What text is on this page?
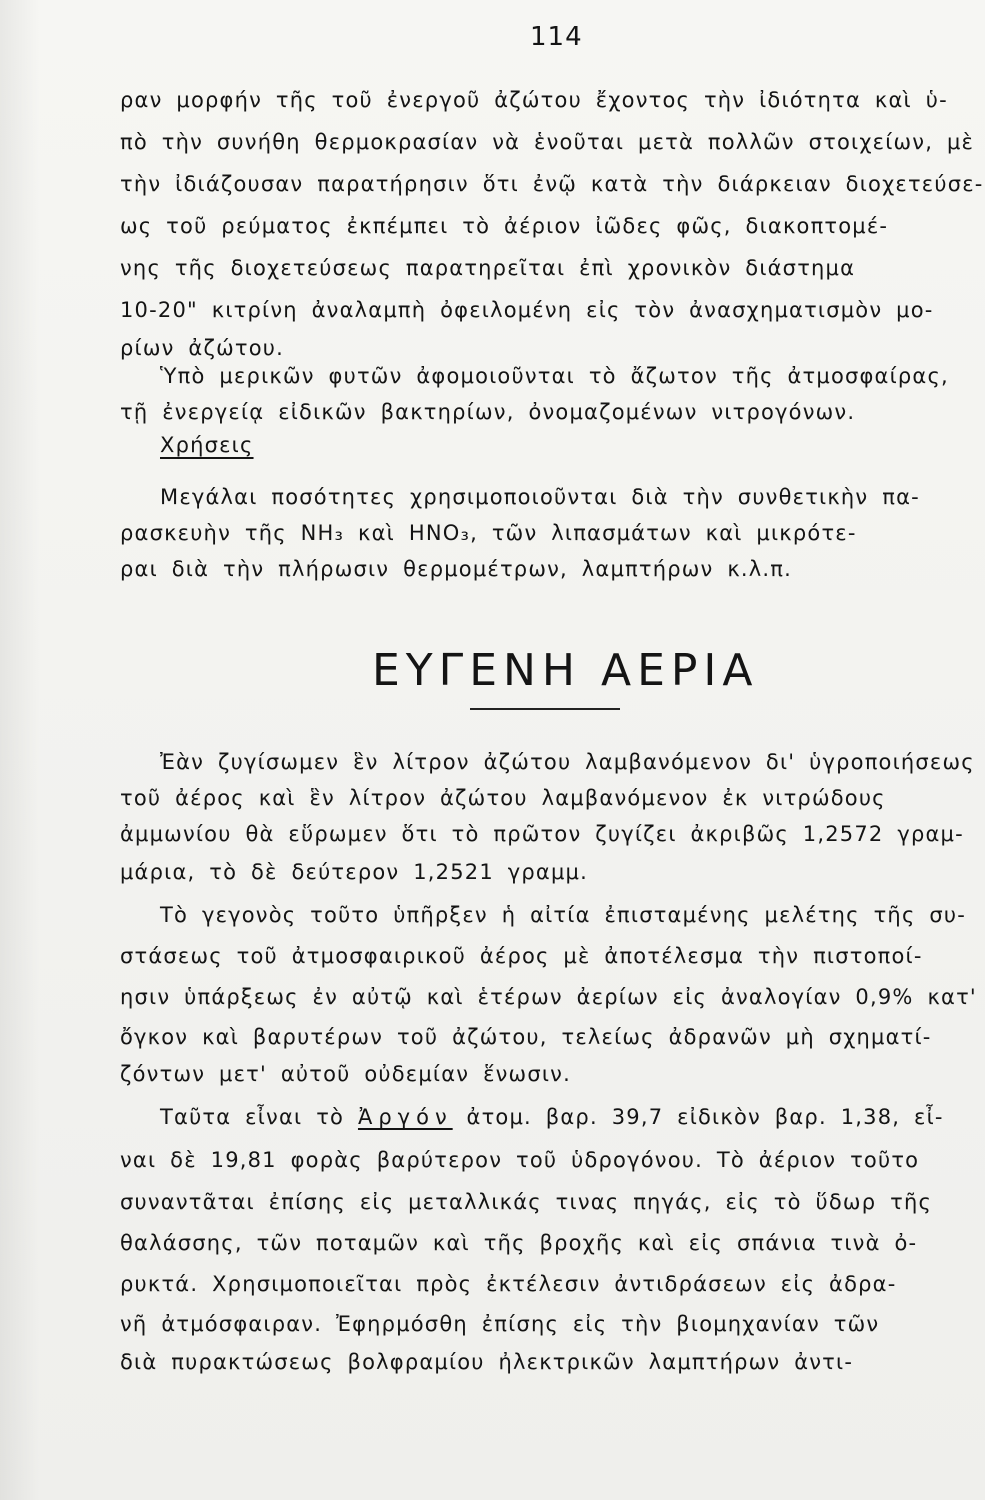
114
ραν μορφήν τῆς τοῦ ἐνεργοῦ ἀζώτου ἔχοντος τὴν ἰδιότητα καὶ ὑ-
πὸ τὴν συνήθη θερμοκρασίαν νὰ ἑνοῦται μετὰ πολλῶν στοιχείων, μὲ
τὴν ἰδιάζουσαν παρατήρησιν ὅτι ἐνῷ κατὰ τὴν διάρκειαν διοχετεύσε-
ως τοῦ ρεύματος ἐκπέμπει τὸ ἀέριον ἰῶδες φῶς, διακοπτομέ-
νης τῆς διοχετεύσεως παρατηρεῖται ἐπὶ χρονικὸν διάστημα
10-20" κιτρίνη ἀναλαμπὴ ὀφειλομένη εἰς τὸν ἀνασχηματισμὸν μο-
ρίων ἀζώτου.
Ὑπὸ μερικῶν φυτῶν ἀφομοιοῦνται τὸ ἄζωτον τῆς ἀτμοσφαίρας,
τῇ ἐνεργείᾳ εἰδικῶν βακτηρίων, ὀνομαζομένων νιτρογόνων.
Χρήσεις
Μεγάλαι ποσότητες χρησιμοποιοῦνται διὰ τὴν συνθετικὴν πα-
ρασκευὴν τῆς NH₃ καὶ HNO₃, τῶν λιπασμάτων καὶ μικρότε-
ραι διὰ τὴν πλήρωσιν θερμομέτρων, λαμπτήρων κ.λ.π.
ΕΥΓΕΝΗ ΑΕΡΙΑ
Ἐὰν ζυγίσωμεν ἓν λίτρον ἀζώτου λαμβανόμενον δι' ὑγροποιήσεως
τοῦ ἀέρος καὶ ἓν λίτρον ἀζώτου λαμβανόμενον ἐκ νιτρώδους
ἀμμωνίου θὰ εὕρωμεν ὅτι τὸ πρῶτον ζυγίζει ἀκριβῶς 1,2572 γραμ-
μάρια, τὸ δὲ δεύτερον 1,2521 γραμμ.
Τὸ γεγονὸς τοῦτο ὑπῆρξεν ἡ αἰτία ἐπισταμένης μελέτης τῆς συ-
στάσεως τοῦ ἀτμοσφαιρικοῦ ἀέρος μὲ ἀποτέλεσμα τὴν πιστοποί-
ησιν ὑπάρξεως ἐν αὐτῷ καὶ ἑτέρων ἀερίων εἰς ἀναλογίαν 0,9% κατ'
ὄγκον καὶ βαρυτέρων τοῦ ἀζώτου, τελείως ἀδρανῶν μὴ σχηματί-
ζόντων μετ' αὐτοῦ οὐδεμίαν ἕνωσιν.
Ταῦτα εἶναι τὸ Ἀργόν ἀτομ. βαρ. 39,7 εἰδικὸν βαρ. 1,38, εἶ-
ναι δὲ 19,81 φορὰς βαρύτερον τοῦ ὑδρογόνου. Τὸ ἀέριον τοῦτο
συναντᾶται ἐπίσης εἰς μεταλλικάς τινας πηγάς, εἰς τὸ ὕδωρ τῆς
θαλάσσης, τῶν ποταμῶν καὶ τῆς βροχῆς καὶ εἰς σπάνια τινὰ ὀ-
ρυκτά. Χρησιμοποιεῖται πρὸς ἐκτέλεσιν ἀντιδράσεων εἰς ἀδρα-
νῆ ἀτμόσφαιραν. Ἐφηρμόσθη ἐπίσης εἰς τὴν βιομηχανίαν τῶν
διὰ πυρακτώσεως βολφραμίου ἠλεκτρικῶν λαμπτήρων ἀντι-
